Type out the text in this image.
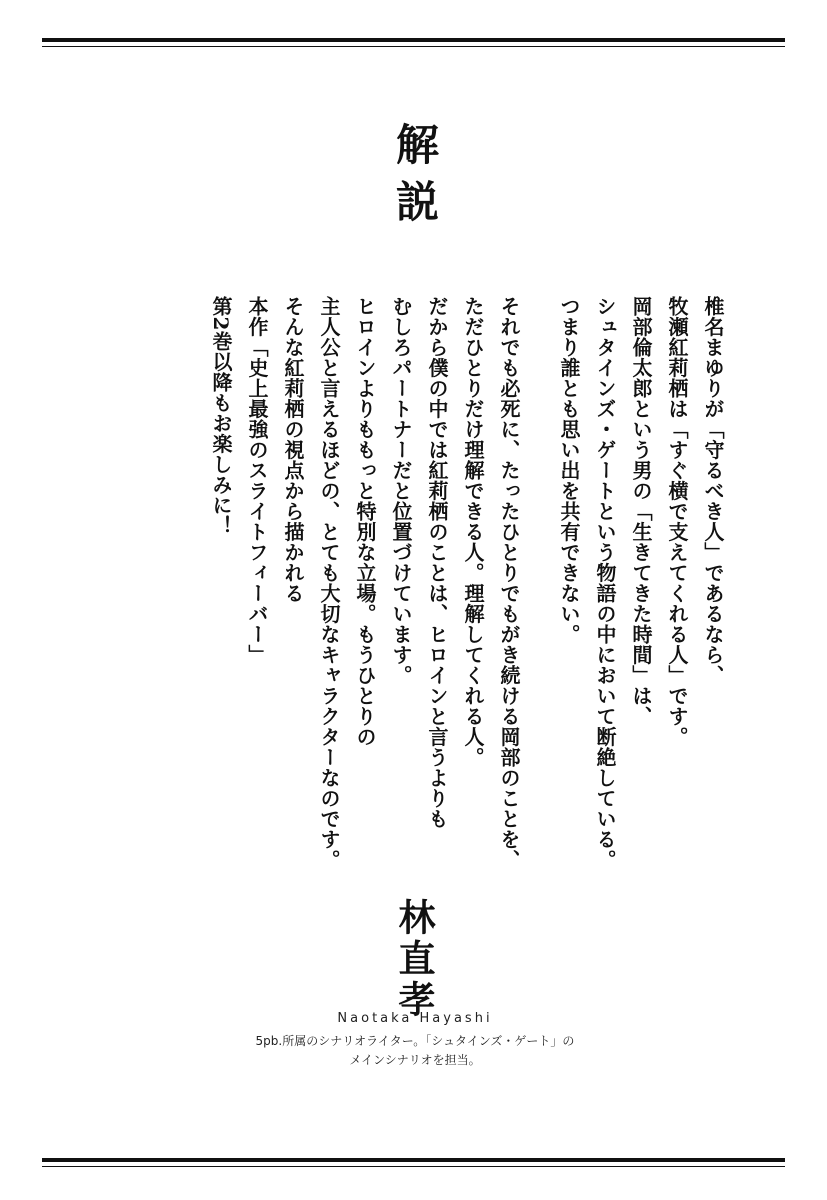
解説
椎名まゆりが「守るべき人」であるなら、
牧瀬紅莉栖は「すぐ横で支えてくれる人」です。
岡部倫太郎という男の「生きてきた時間」は、
シュタインズ・ゲートという物語の中において断絶している。
つまり誰とも思い出を共有できない。
それでも必死に、たったひとりでもがき続ける岡部のことを、
ただひとりだけ理解できる人。理解してくれる人。
だから僕の中では紅莉栖のことは、ヒロインと言うよりも
むしろパートナーだと位置づけています。
ヒロインよりももっと特別な立場。もうひとりの
主人公と言えるほどの、とても大切なキャラクターなのです。
そんな紅莉栖の視点から描かれる
本作「史上最強のスライトフィーバー」
第2巻以降もお楽しみに！
林直孝
Naotaka Hayashi
5pb.所属のシナリオライター。「シュタインズ・ゲート」の
メインシナリオを担当。
